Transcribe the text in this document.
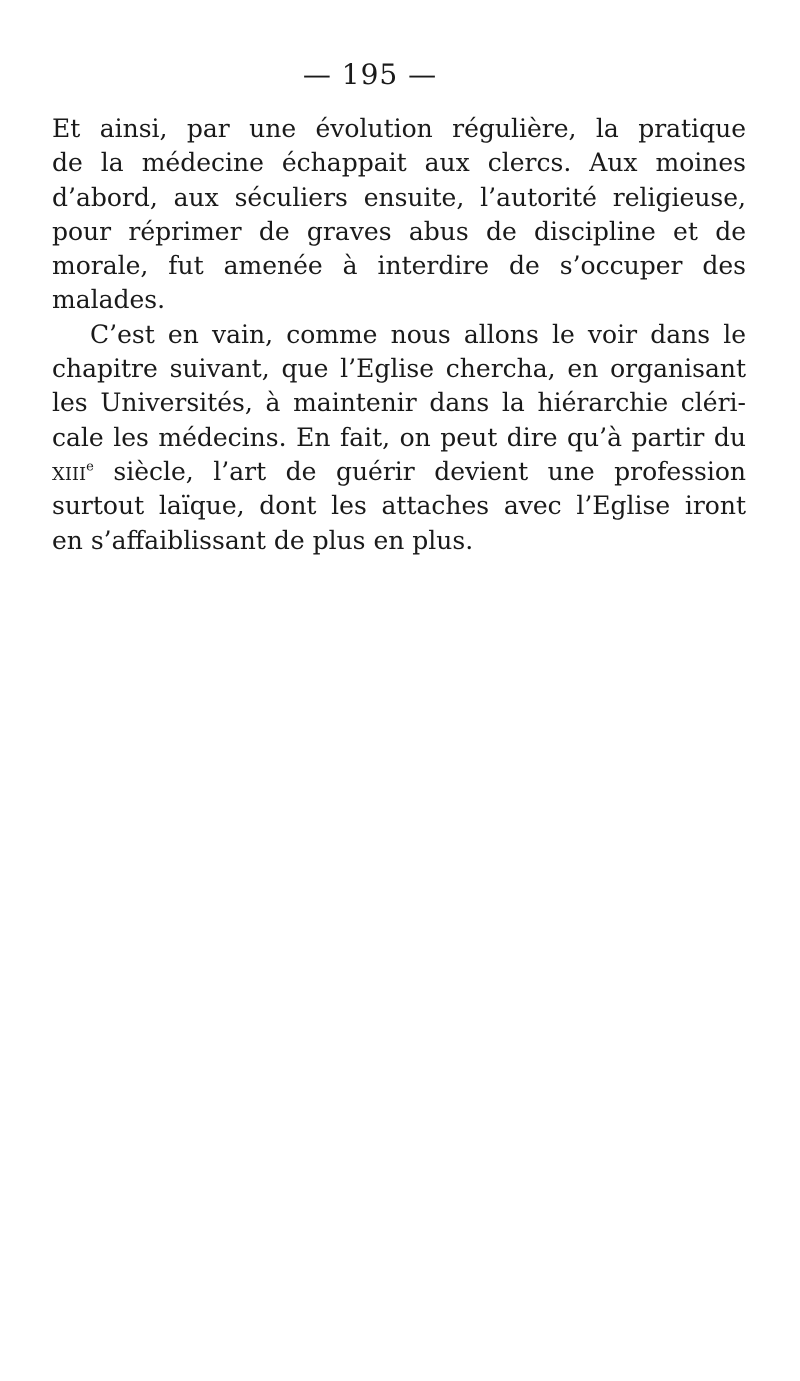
— 195 —
Et ainsi, par une évolution régulière, la pratique
de la médecine échappait aux clercs. Aux moines
d’abord, aux séculiers ensuite, l’autorité religieuse,
pour réprimer de graves abus de discipline et de
morale, fut amenée à interdire de s’occuper des
malades.
C’est en vain, comme nous allons le voir dans le
chapitre suivant, que l’Eglise chercha, en organisant
les Universités, à maintenir dans la hiérarchie cléri-
cale les médecins. En fait, on peut dire qu’à partir du
xiii$^e$ siècle, l’art de guérir devient une profession
surtout laïque, dont les attaches avec l’Eglise iront
en s’affaiblissant de plus en plus.
